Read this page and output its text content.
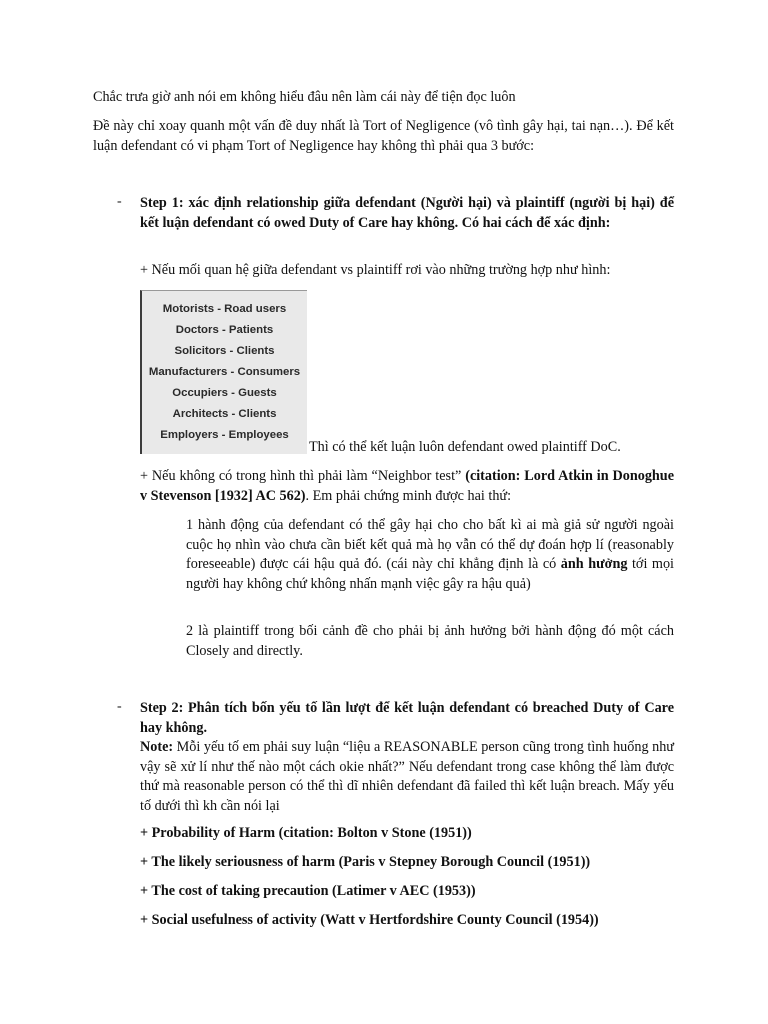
Chắc trưa giờ anh nói em không hiểu đâu nên làm cái này để tiện đọc luôn

Đề này chỉ xoay quanh một vấn đề duy nhất là Tort of Negligence (vô tình gây hại, tai nạn…). Để kết luận defendant có vi phạm Tort of Negligence hay không thì phải qua 3 bước:

- Step 1: xác định relationship giữa defendant (Người hại) và plaintiff (người bị hại) để kết luận defendant có owed Duty of Care hay không. Có hai cách để xác định:

+ Nếu mối quan hệ giữa defendant vs plaintiff rơi vào những trường hợp như hình:

Motorists - Road users
Doctors - Patients
Solicitors - Clients
Manufacturers - Consumers
Occupiers - Guests
Architects - Clients
Employers - Employees

Thì có thể kết luận luôn defendant owed plaintiff DoC.

+ Nếu không có trong hình thì phải làm “Neighbor test” (citation: Lord Atkin in Donoghue v Stevenson [1932] AC 562). Em phải chứng minh được hai thứ:

1 hành động của defendant có thể gây hại cho cho bất kì ai mà giả sử người ngoài cuộc họ nhìn vào chưa cần biết kết quả mà họ vẫn có thể dự đoán hợp lí (reasonably foreseeable) được cái hậu quả đó. (cái này chỉ khẳng định là có ảnh hưởng tới mọi người hay không chứ không nhấn mạnh việc gây ra hậu quả)

2 là plaintiff trong bối cảnh đề cho phải bị ảnh hưởng bởi hành động đó một cách Closely and directly.

- Step 2: Phân tích bốn yếu tố lần lượt để kết luận defendant có breached Duty of Care hay không.

Note: Mỗi yếu tố em phải suy luận “liệu a REASONABLE person cũng trong tình huống như vậy sẽ xử lí như thế nào một cách okie nhất?” Nếu defendant trong case không thể làm được thứ mà reasonable person có thể thì dĩ nhiên defendant đã failed thì kết luận breach. Mấy yếu tố dưới thì kh cần nói lại

+ Probability of Harm (citation: Bolton v Stone (1951))

+ The likely seriousness of harm (Paris v Stepney Borough Council (1951))

+ The cost of taking precaution (Latimer v AEC (1953))

+ Social usefulness of activity (Watt v Hertfordshire County Council (1954))
